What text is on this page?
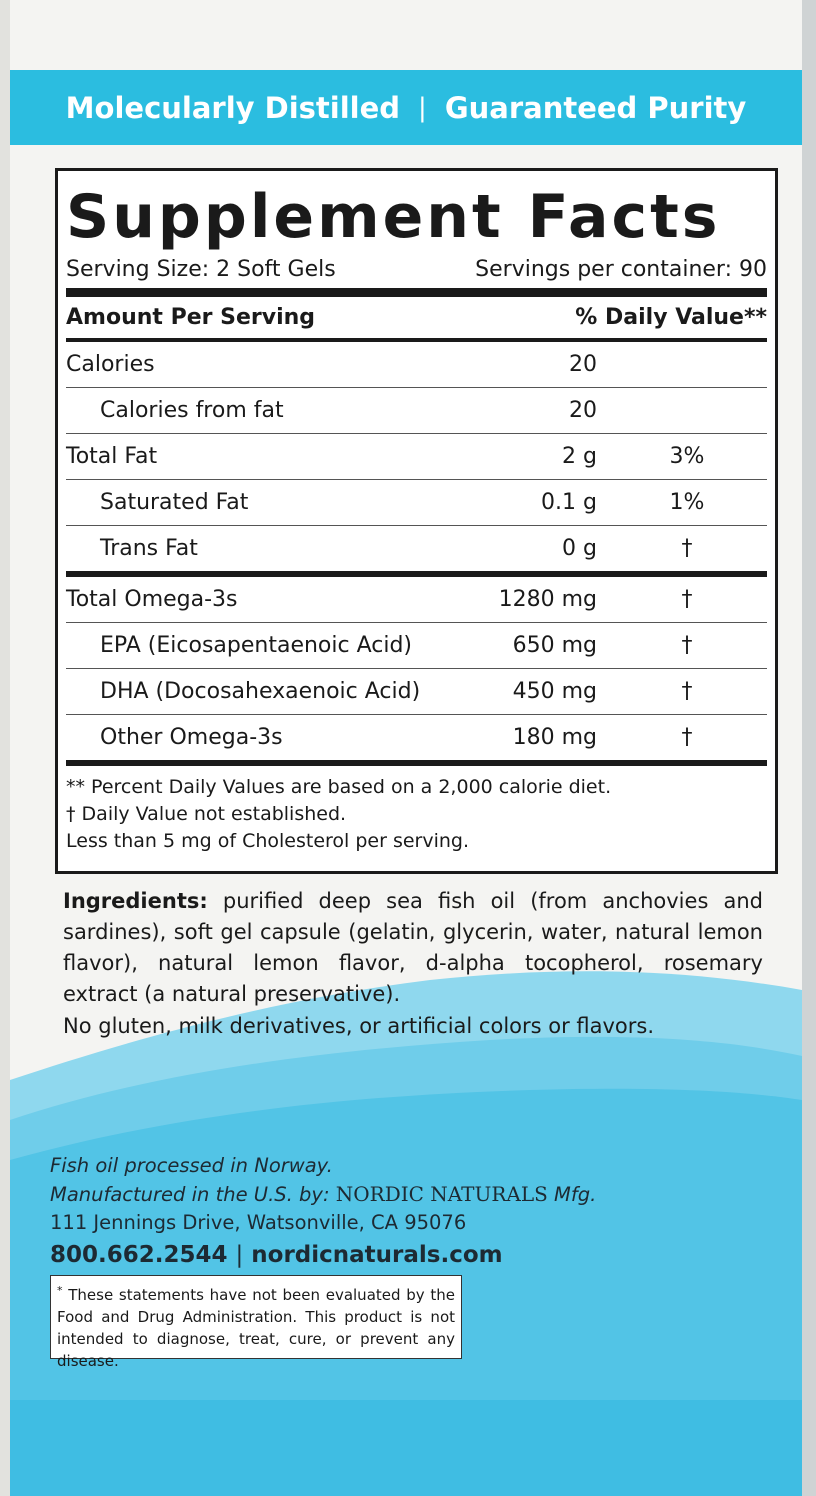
Molecularly Distilled | Guaranteed Purity
Supplement Facts
Serving Size: 2 Soft Gels	Servings per container: 90
Amount Per Serving	% Daily Value**
Calories	20
Calories from fat	20
Total Fat	2 g	3%
Saturated Fat	0.1 g	1%
Trans Fat	0 g	†
Total Omega-3s	1280 mg	†
EPA (Eicosapentaenoic Acid)	650 mg	†
DHA (Docosahexaenoic Acid)	450 mg	†
Other Omega-3s	180 mg	†
** Percent Daily Values are based on a 2,000 calorie diet.
† Daily Value not established.
Less than 5 mg of Cholesterol per serving.
Ingredients: purified deep sea fish oil (from anchovies and sardines), soft gel capsule (gelatin, glycerin, water, natural lemon flavor), natural lemon flavor, d-alpha tocopherol, rosemary extract (a natural preservative).
No gluten, milk derivatives, or artificial colors or flavors.
Fish oil processed in Norway.
Manufactured in the U.S. by: NORDIC NATURALS Mfg.
111 Jennings Drive, Watsonville, CA 95076
800.662.2544 | nordicnaturals.com
* These statements have not been evaluated by the Food and Drug Administration. This product is not intended to diagnose, treat, cure, or prevent any disease.
